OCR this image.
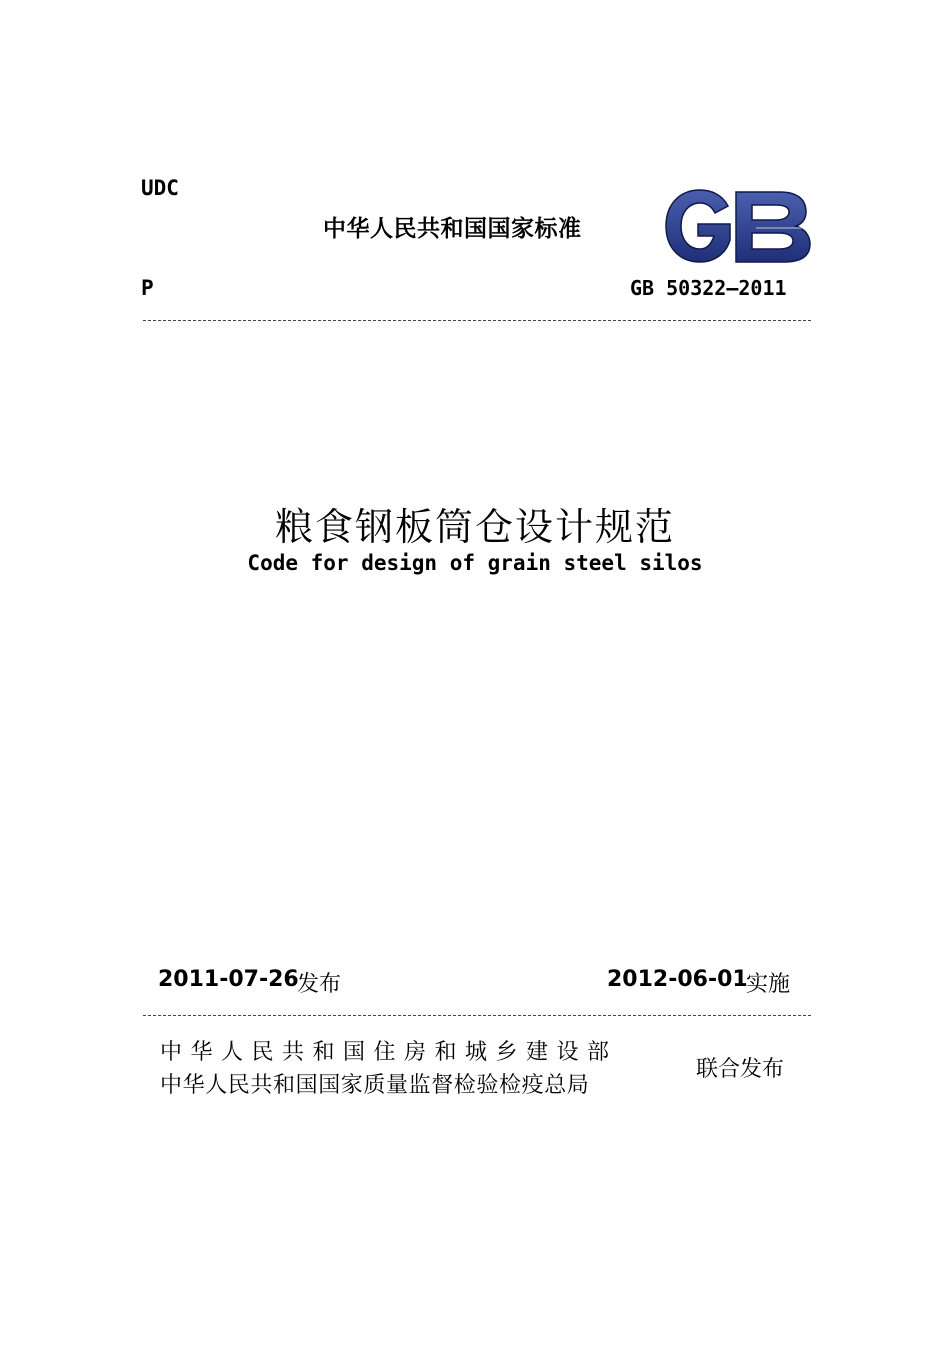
UDC
中华人民共和国国家标准
P	GB 50322—2011
粮食钢板筒仓设计规范
Code for design of grain steel silos
2011-07-26
发布	2012-06-01
实施
中华人民共和国住房和城乡建设部
中华人民共和国国家质量监督检验检疫总局
联合发布
